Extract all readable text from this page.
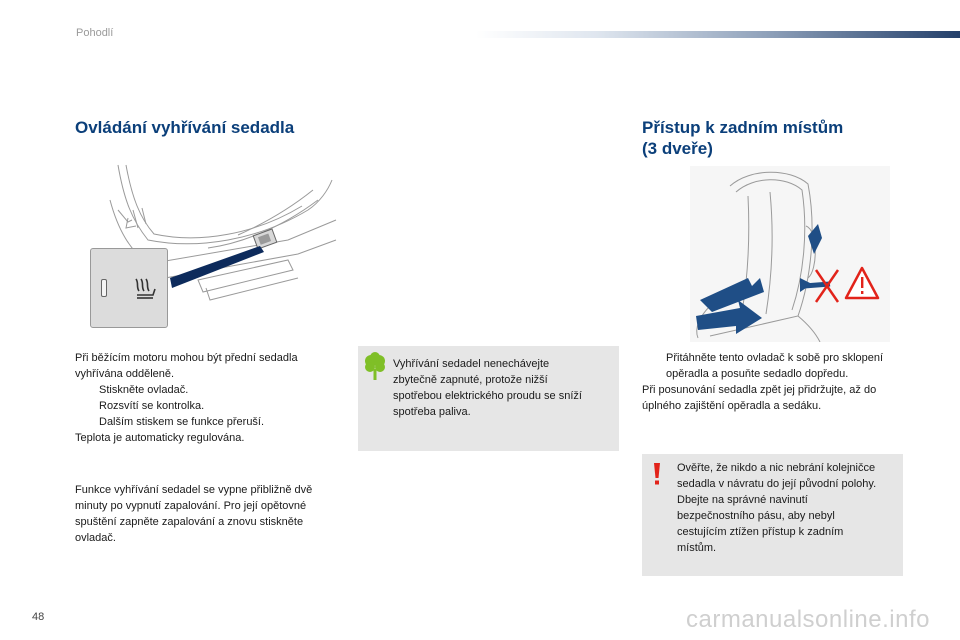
Pohodlí
Ovládání vyhřívání sedadla	Přístup k zadním místům
(3 dveře)

Při běžícím motoru mohou být přední sedadla vyhřívána odděleně.

Stiskněte ovladač.

Rozsvítí se kontrolka.

Dalším stiskem se funkce přeruší.

Teplota je automaticky regulována.

Funkce vyhřívání sedadel se vypne přibližně dvě minuty po vypnutí zapalování. Pro její opětovné spuštění zapněte zapalování a znovu stiskněte ovladač.
Vyhřívání sedadel nenechávejte zbytečně zapnuté, protože nižší spotřebou elektrického proudu se sníží spotřeba paliva.

Přitáhněte tento ovladač k sobě pro sklopení opěradla a posuňte sedadlo dopředu.

Při posunování sedadla zpět jej přidržujte, až do úplného zajištění opěradla a sedáku.

Ověřte, že nikdo a nic nebrání kolejničce sedadla v návratu do její původní polohy.

Dbejte na správné navinutí bezpečnostního pásu, aby nebyl cestujícím ztížen přístup k zadním místům.

48	carmanualsonline.info
